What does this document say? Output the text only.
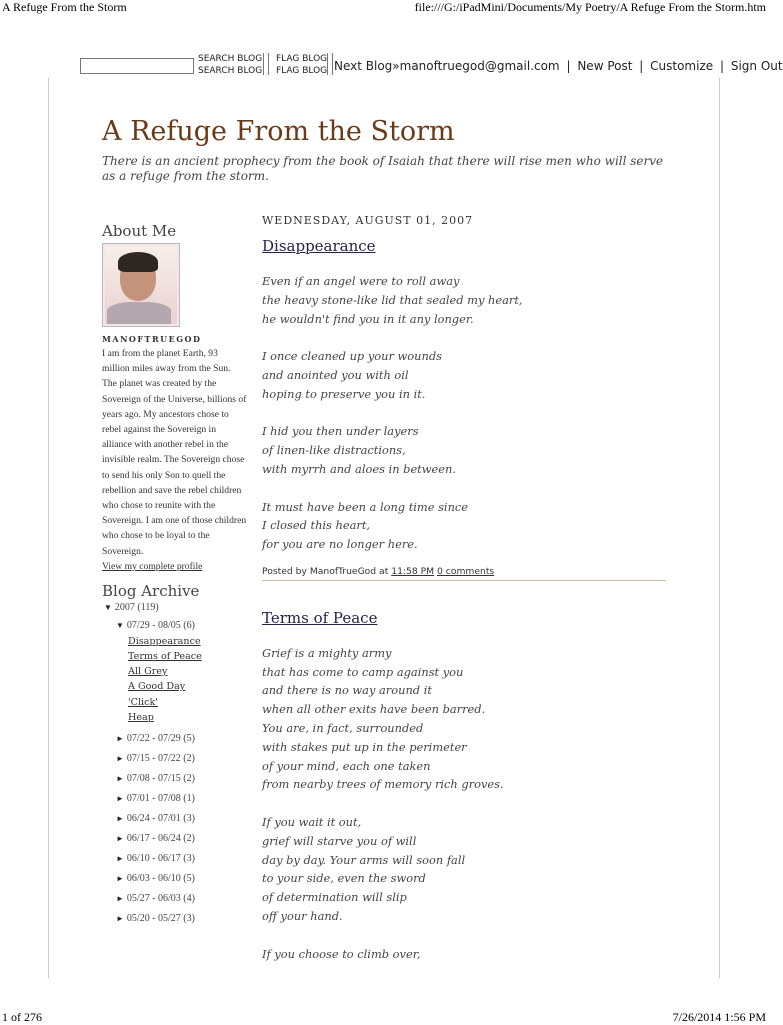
A Refuge From the Storm	file:///G:/iPadMini/Documents/My Poetry/A Refuge From the Storm.htm
SEARCH BLOG
SEARCH BLOG
FLAG BLOG
FLAG BLOG Next Blog»manoftruegod@gmail.com | New Post | Customize | Sign Out
A Refuge From the Storm
There is an ancient prophecy from the book of Isaiah that there will rise men who will serve as a refuge from the storm.
About Me
MANOFTRUEGOD
I am from the planet Earth, 93 million miles away from the Sun. The planet was created by the Sovereign of the Universe, billions of years ago. My ancestors chose to rebel against the Sovereign in alliance with another rebel in the invisible realm. The Sovereign chose to send his only Son to quell the rebellion and save the rebel children who chose to reunite with the Sovereign. I am one of those children who chose to be loyal to the Sovereign.
View my complete profile
Blog Archive
▼ 2007 (119)
▼ 07/29 - 08/05 (6)
Disappearance
Terms of Peace
All Grey
A Good Day
'Click'
Heap
► 07/22 - 07/29 (5)
► 07/15 - 07/22 (2)
► 07/08 - 07/15 (2)
► 07/01 - 07/08 (1)
► 06/24 - 07/01 (3)
► 06/17 - 06/24 (2)
► 06/10 - 06/17 (3)
► 06/03 - 06/10 (5)
► 05/27 - 06/03 (4)
► 05/20 - 05/27 (3)
WEDNESDAY, AUGUST 01, 2007
Disappearance
Even if an angel were to roll away
the heavy stone-like lid that sealed my heart,
he wouldn't find you in it any longer.
I once cleaned up your wounds
and anointed you with oil
hoping to preserve you in it.
I hid you then under layers
of linen-like distractions,
with myrrh and aloes in between.
It must have been a long time since
I closed this heart,
for you are no longer here.
Posted by ManofTrueGod at 11:58 PM 0 comments
Terms of Peace
Grief is a mighty army
that has come to camp against you
and there is no way around it
when all other exits have been barred.
You are, in fact, surrounded
with stakes put up in the perimeter
of your mind, each one taken
from nearby trees of memory rich groves.
If you wait it out,
grief will starve you of will
day by day. Your arms will soon fall
to your side, even the sword
of determination will slip
off your hand.
If you choose to climb over,
1 of 276	7/26/2014 1:56 PM
